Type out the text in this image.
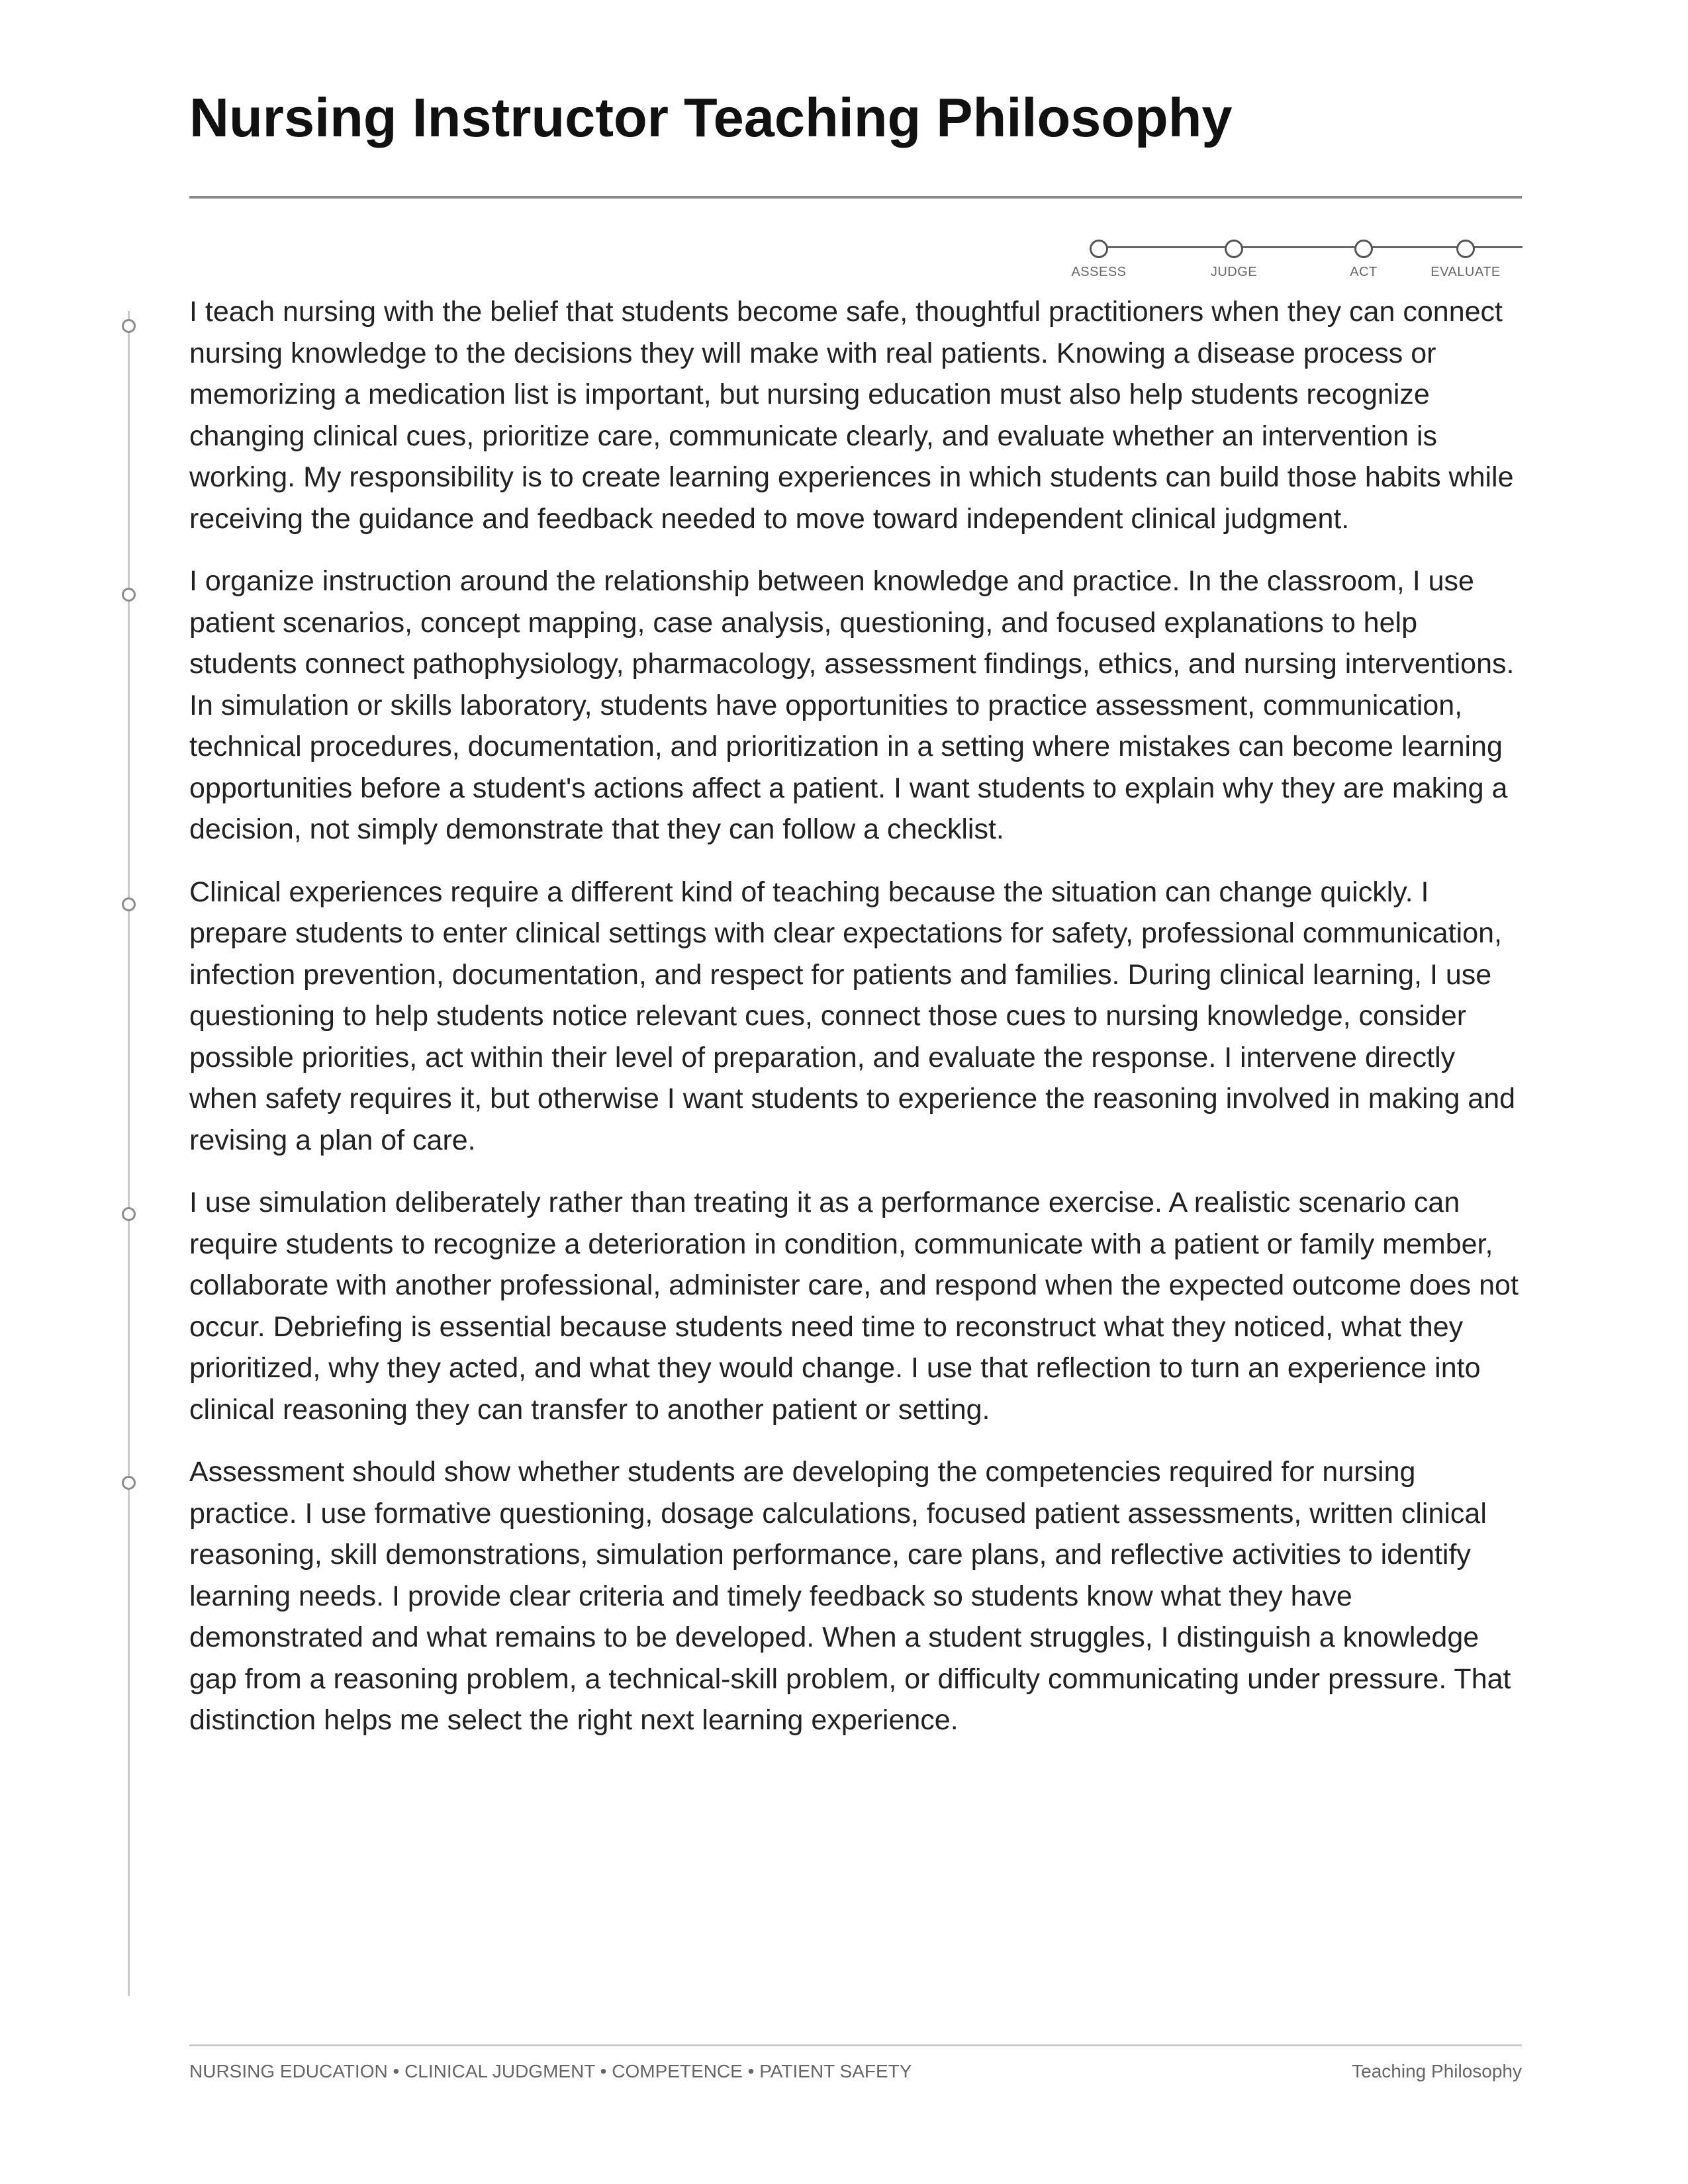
Nursing Instructor Teaching Philosophy
ASSESS	JUDGE	ACT	EVALUATE

I teach nursing with the belief that students become safe, thoughtful practitioners when they can connect nursing knowledge to the decisions they will make with real patients. Knowing a disease process or memorizing a medication list is important, but nursing education must also help students recognize changing clinical cues, prioritize care, communicate clearly, and evaluate whether an intervention is working. My responsibility is to create learning experiences in which students can build those habits while receiving the guidance and feedback needed to move toward independent clinical judgment.

I organize instruction around the relationship between knowledge and practice. In the classroom, I use patient scenarios, concept mapping, case analysis, questioning, and focused explanations to help students connect pathophysiology, pharmacology, assessment findings, ethics, and nursing interventions. In simulation or skills laboratory, students have opportunities to practice assessment, communication, technical procedures, documentation, and prioritization in a setting where mistakes can become learning opportunities before a student's actions affect a patient. I want students to explain why they are making a decision, not simply demonstrate that they can follow a checklist.

Clinical experiences require a different kind of teaching because the situation can change quickly. I prepare students to enter clinical settings with clear expectations for safety, professional communication, infection prevention, documentation, and respect for patients and families. During clinical learning, I use questioning to help students notice relevant cues, connect those cues to nursing knowledge, consider possible priorities, act within their level of preparation, and evaluate the response. I intervene directly when safety requires it, but otherwise I want students to experience the reasoning involved in making and revising a plan of care.

I use simulation deliberately rather than treating it as a performance exercise. A realistic scenario can require students to recognize a deterioration in condition, communicate with a patient or family member, collaborate with another professional, administer care, and respond when the expected outcome does not occur. Debriefing is essential because students need time to reconstruct what they noticed, what they prioritized, why they acted, and what they would change. I use that reflection to turn an experience into clinical reasoning they can transfer to another patient or setting.

Assessment should show whether students are developing the competencies required for nursing practice. I use formative questioning, dosage calculations, focused patient assessments, written clinical reasoning, skill demonstrations, simulation performance, care plans, and reflective activities to identify learning needs. I provide clear criteria and timely feedback so students know what they have demonstrated and what remains to be developed. When a student struggles, I distinguish a knowledge gap from a reasoning problem, a technical-skill problem, or difficulty communicating under pressure. That distinction helps me select the right next learning experience.

NURSING EDUCATION • CLINICAL JUDGMENT • COMPETENCE • PATIENT SAFETY	Teaching Philosophy
